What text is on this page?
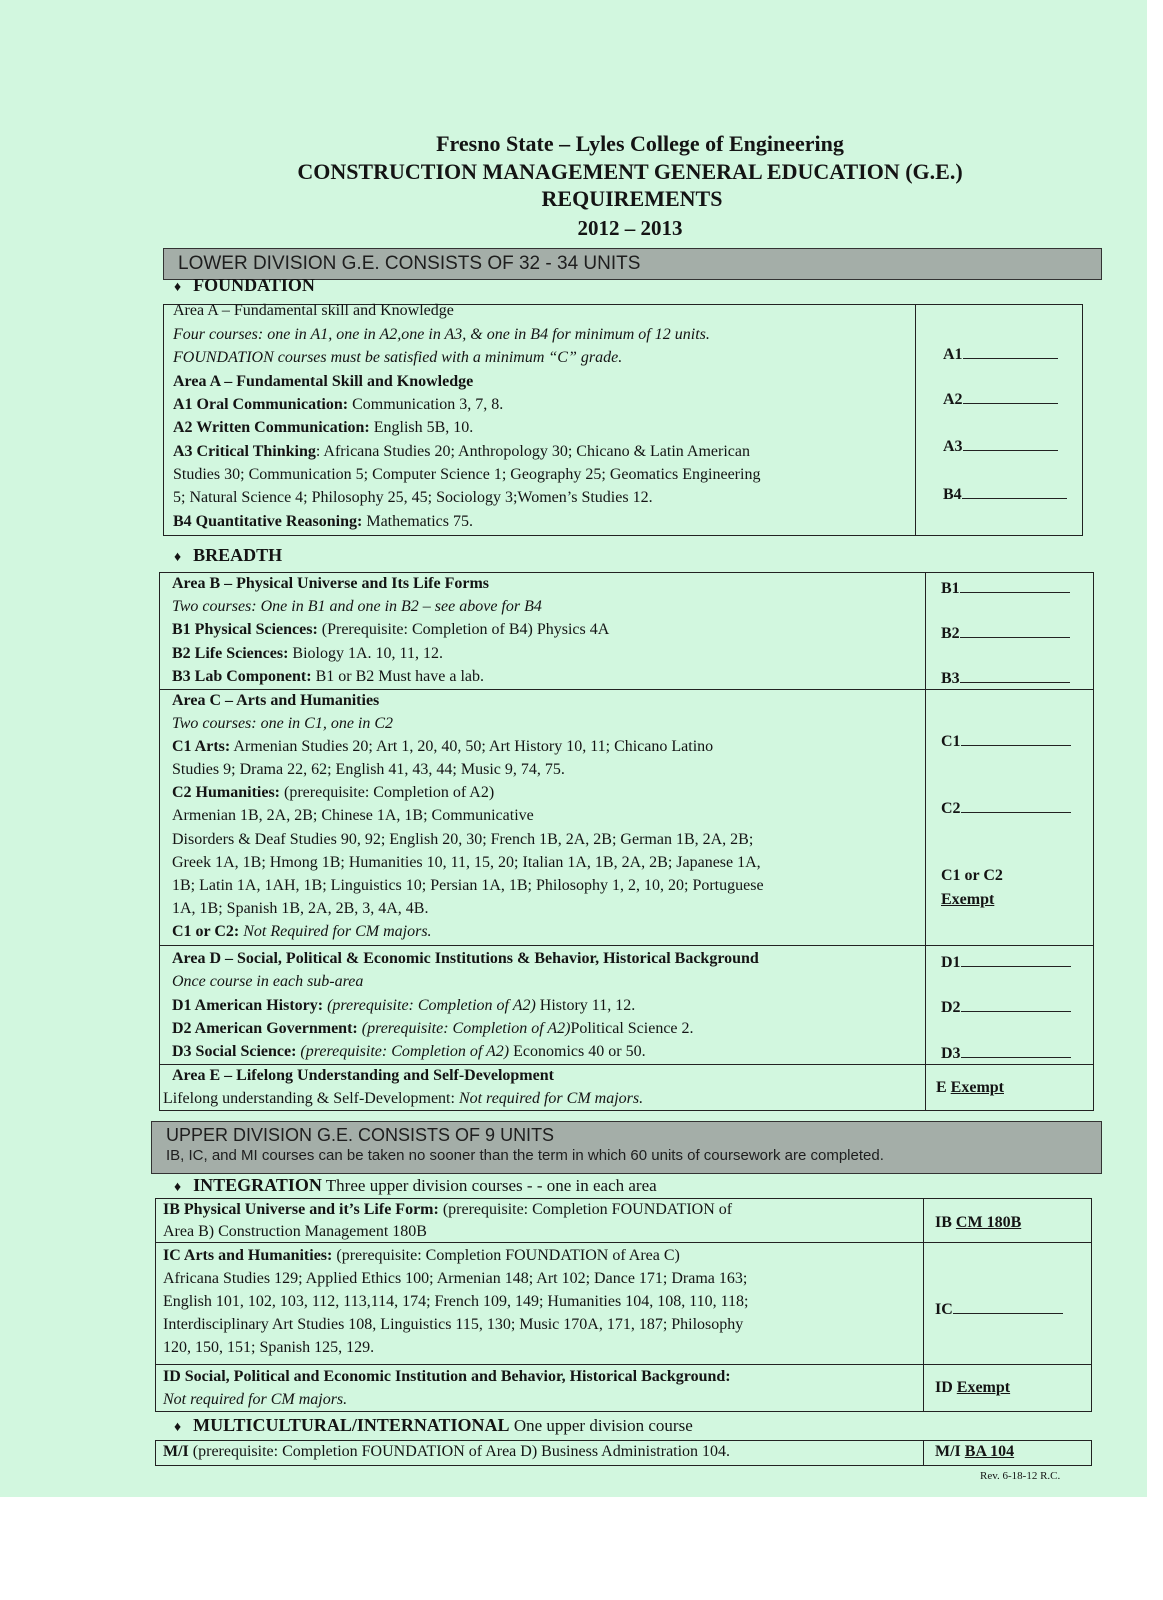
Fresno State – Lyles College of Engineering
CONSTRUCTION MANAGEMENT GENERAL EDUCATION (G.E.)
REQUIREMENTS
2012 – 2013
LOWER DIVISION G.E. CONSISTS OF 32 - 34 UNITS
♦ FOUNDATION
Area A – Fundamental skill and Knowledge
Four courses: one in A1, one in A2,one in A3, & one in B4 for minimum of 12 units.
FOUNDATION courses must be satisfied with a minimum “C” grade.
Area A – Fundamental Skill and Knowledge
A1 Oral Communication: Communication 3, 7, 8.
A2 Written Communication: English 5B, 10.
A3 Critical Thinking: Africana Studies 20; Anthropology 30; Chicano & Latin American
Studies 30; Communication 5; Computer Science 1; Geography 25; Geomatics Engineering
5; Natural Science 4; Philosophy 25, 45; Sociology 3;Women’s Studies 12.
B4 Quantitative Reasoning: Mathematics 75.
A1
A2
A3
B4
♦ BREADTH
Area B – Physical Universe and Its Life Forms
Two courses: One in B1 and one in B2 – see above for B4
B1 Physical Sciences: (Prerequisite: Completion of B4) Physics 4A
B2 Life Sciences: Biology 1A. 10, 11, 12.
B3 Lab Component: B1 or B2 Must have a lab.
B1
B2
B3
Area C – Arts and Humanities
Two courses: one in C1, one in C2
C1 Arts: Armenian Studies 20; Art 1, 20, 40, 50; Art History 10, 11; Chicano Latino
Studies 9; Drama 22, 62; English 41, 43, 44; Music 9, 74, 75.
C2 Humanities: (prerequisite: Completion of A2)
Armenian 1B, 2A, 2B; Chinese 1A, 1B; Communicative
Disorders & Deaf Studies 90, 92; English 20, 30; French 1B, 2A, 2B; German 1B, 2A, 2B;
Greek 1A, 1B; Hmong 1B; Humanities 10, 11, 15, 20; Italian 1A, 1B, 2A, 2B; Japanese 1A,
1B; Latin 1A, 1AH, 1B; Linguistics 10; Persian 1A, 1B; Philosophy 1, 2, 10, 20; Portuguese
1A, 1B; Spanish 1B, 2A, 2B, 3, 4A, 4B.
C1 or C2: Not Required for CM majors.
C1
C2
C1 or C2
Exempt
Area D – Social, Political & Economic Institutions & Behavior, Historical Background
Once course in each sub-area
D1 American History: (prerequisite: Completion of A2) History 11, 12.
D2 American Government: (prerequisite: Completion of A2)Political Science 2.
D3 Social Science: (prerequisite: Completion of A2) Economics 40 or 50.
D1
D2
D3
Area E – Lifelong Understanding and Self-Development
Lifelong understanding & Self-Development: Not required for CM majors.
E Exempt
UPPER DIVISION G.E. CONSISTS OF 9 UNITS
IB, IC, and MI courses can be taken no sooner than the term in which 60 units of coursework are completed.
♦ INTEGRATION Three upper division courses - - one in each area
IB Physical Universe and it’s Life Form: (prerequisite: Completion FOUNDATION of
Area B) Construction Management 180B
IB CM 180B
IC Arts and Humanities: (prerequisite: Completion FOUNDATION of Area C)
Africana Studies 129; Applied Ethics 100; Armenian 148; Art 102; Dance 171; Drama 163;
English 101, 102, 103, 112, 113,114, 174; French 109, 149; Humanities 104, 108, 110, 118;
Interdisciplinary Art Studies 108, Linguistics 115, 130; Music 170A, 171, 187; Philosophy
120, 150, 151; Spanish 125, 129.
IC
ID Social, Political and Economic Institution and Behavior, Historical Background:
Not required for CM majors.
ID Exempt
♦ MULTICULTURAL/INTERNATIONAL One upper division course
M/I (prerequisite: Completion FOUNDATION of Area D) Business Administration 104.	M/I BA 104
Rev. 6-18-12 R.C.
